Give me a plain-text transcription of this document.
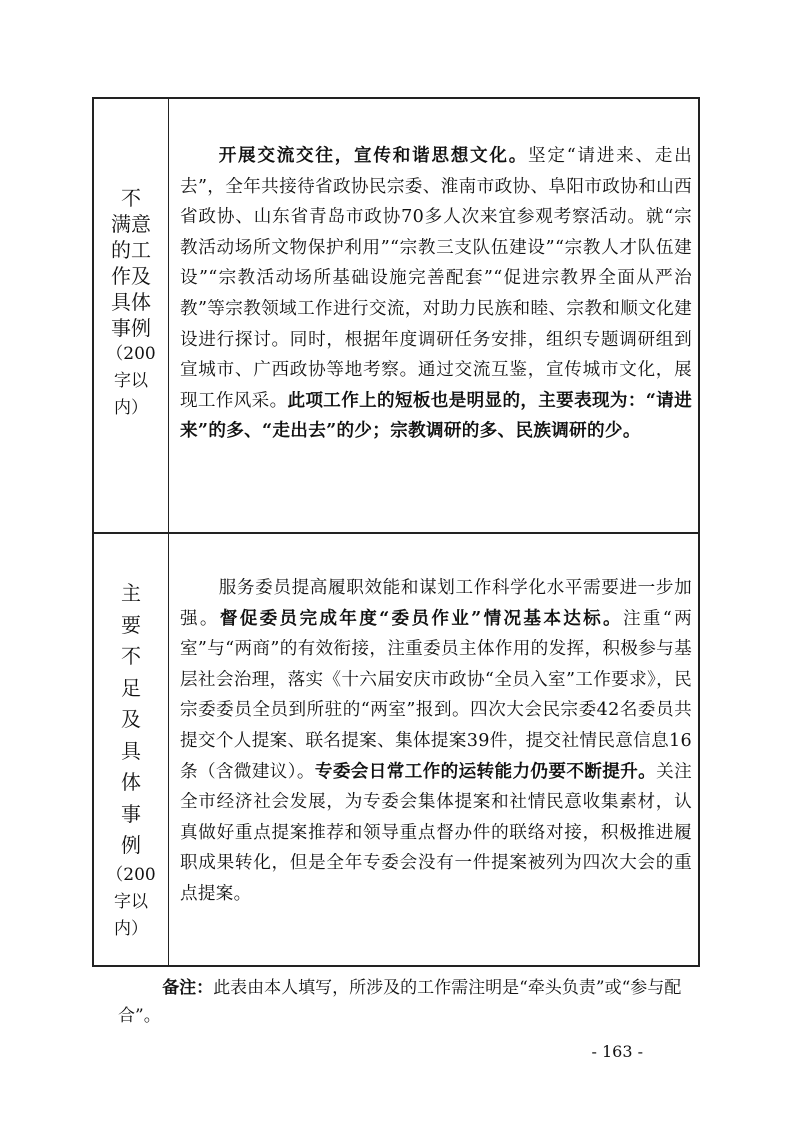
不
满意
的工
作及
具体
事例
（200
字以
内）

开展交流交往，宣传和谐思想文化。坚定“请进来、走出去”，全年共接待省政协民宗委、淮南市政协、阜阳市政协和山西省政协、山东省青岛市政协70多人次来宜参观考察活动。就“宗教活动场所文物保护利用”“宗教三支队伍建设”“宗教人才队伍建设”“宗教活动场所基础设施完善配套”“促进宗教界全面从严治教”等宗教领域工作进行交流，对助力民族和睦、宗教和顺文化建设进行探讨。同时，根据年度调研任务安排，组织专题调研组到宣城市、广西政协等地考察。通过交流互鉴，宣传城市文化，展现工作风采。此项工作上的短板也是明显的，主要表现为：“请进来”的多、“走出去”的少；宗教调研的多、民族调研的少。

主
要
不
足
及
具
体
事
例
（200
字以
内）

服务委员提高履职效能和谋划工作科学化水平需要进一步加强。督促委员完成年度“委员作业”情况基本达标。注重“两室”与“两商”的有效衔接，注重委员主体作用的发挥，积极参与基层社会治理，落实《十六届安庆市政协“全员入室”工作要求》，民宗委委员全员到所驻的“两室”报到。四次大会民宗委42名委员共提交个人提案、联名提案、集体提案39件，提交社情民意信息16条（含微建议）。专委会日常工作的运转能力仍要不断提升。关注全市经济社会发展，为专委会集体提案和社情民意收集素材，认真做好重点提案推荐和领导重点督办件的联络对接，积极推进履职成果转化，但是全年专委会没有一件提案被列为四次大会的重点提案。

备注：此表由本人填写，所涉及的工作需注明是“牵头负责”或“参与配合”。

- 163 -
